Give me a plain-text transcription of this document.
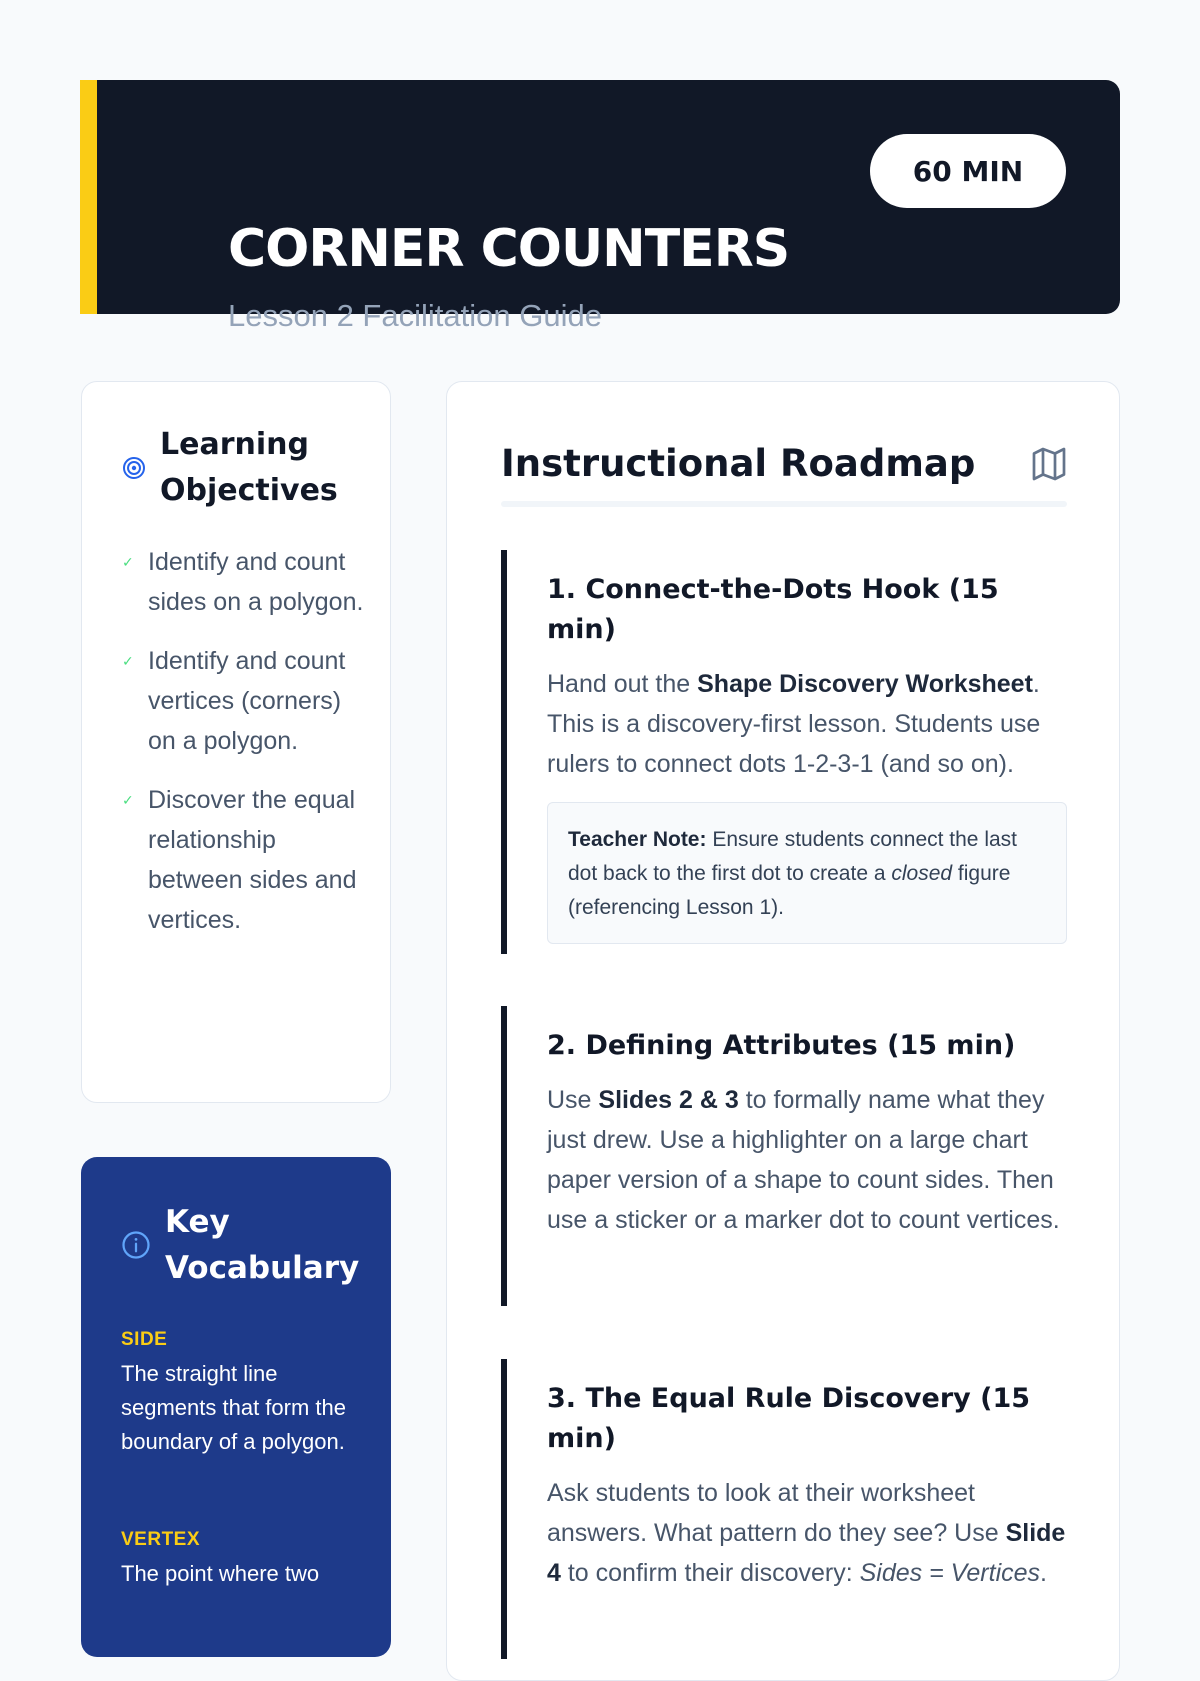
CORNER COUNTERS
Lesson 2 Facilitation Guide
60 MIN
Learning Objectives
✓ Identify and count sides on a polygon.
✓ Identify and count vertices (corners) on a polygon.
✓ Discover the equal relationship between sides and vertices.
Key Vocabulary
SIDE
The straight line segments that form the boundary of a polygon.
VERTEX
The point where two
Instructional Roadmap
1. Connect-the-Dots Hook (15 min)

Hand out the Shape Discovery Worksheet. This is a discovery-first lesson. Students use rulers to connect dots 1-2-3-1 (and so on).

Teacher Note: Ensure students connect the last dot back to the first dot to create a closed figure (referencing Lesson 1).
2. Defining Attributes (15 min)

Use Slides 2 & 3 to formally name what they just drew. Use a highlighter on a large chart paper version of a shape to count sides. Then use a sticker or a marker dot to count vertices.

3. The Equal Rule Discovery (15 min)

Ask students to look at their worksheet answers. What pattern do they see? Use Slide 4 to confirm their discovery: Sides = Vertices.
